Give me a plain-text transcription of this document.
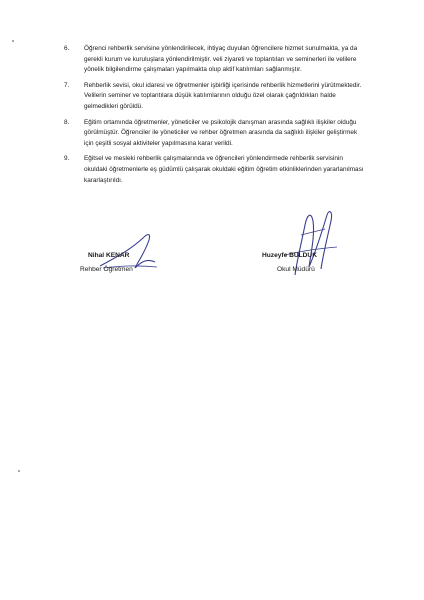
6. Öğrenci rehberlik servisine yönlendirilecek, ihtiyaç duyulan öğrencilere hizmet sunulmakta, ya da gerekli kurum ve kuruluşlara yönlendirilmiştir. veli ziyareti ve toplantıları ve seminerleri ile velilere yönelik bilgilendirme çalışmaları yapılmakta olup aktif katılımları sağlanmıştır.
7. Rehberlik sevisi, okul idaresi ve öğretmenler işbirliği içerisinde rehberlik hizmetlerini yürütmektedir. Velilerin seminer ve toplantılara düşük katılımlarının olduğu özel olarak çağrıldıkları halde gelmedikleri görüldü.
8. Eğitim ortamında öğretmenler, yöneticiler ve psikolojik danışman arasında sağlıklı ilişkiler olduğu görülmüştür. Öğrenciler ile yöneticiler ve rehber öğretmen arasında da sağlıklı ilişkiler geliştirmek için çeşitli sosyal aktiviteler yapılmasına karar verildi.
9. Eğitsel ve mesleki rehberlik çalışmalarında ve öğrencileri yönlendirmede rehberlik servisinin okuldaki öğretmenlerle eş güdümlü çalışarak okuldaki eğitim öğretim etkinliklerinden yararlanılması kararlaştırıldı.
Nihal KENAR
Rehber Öğretmen
Huzeyfe BULDUK
Okul Müdürü
